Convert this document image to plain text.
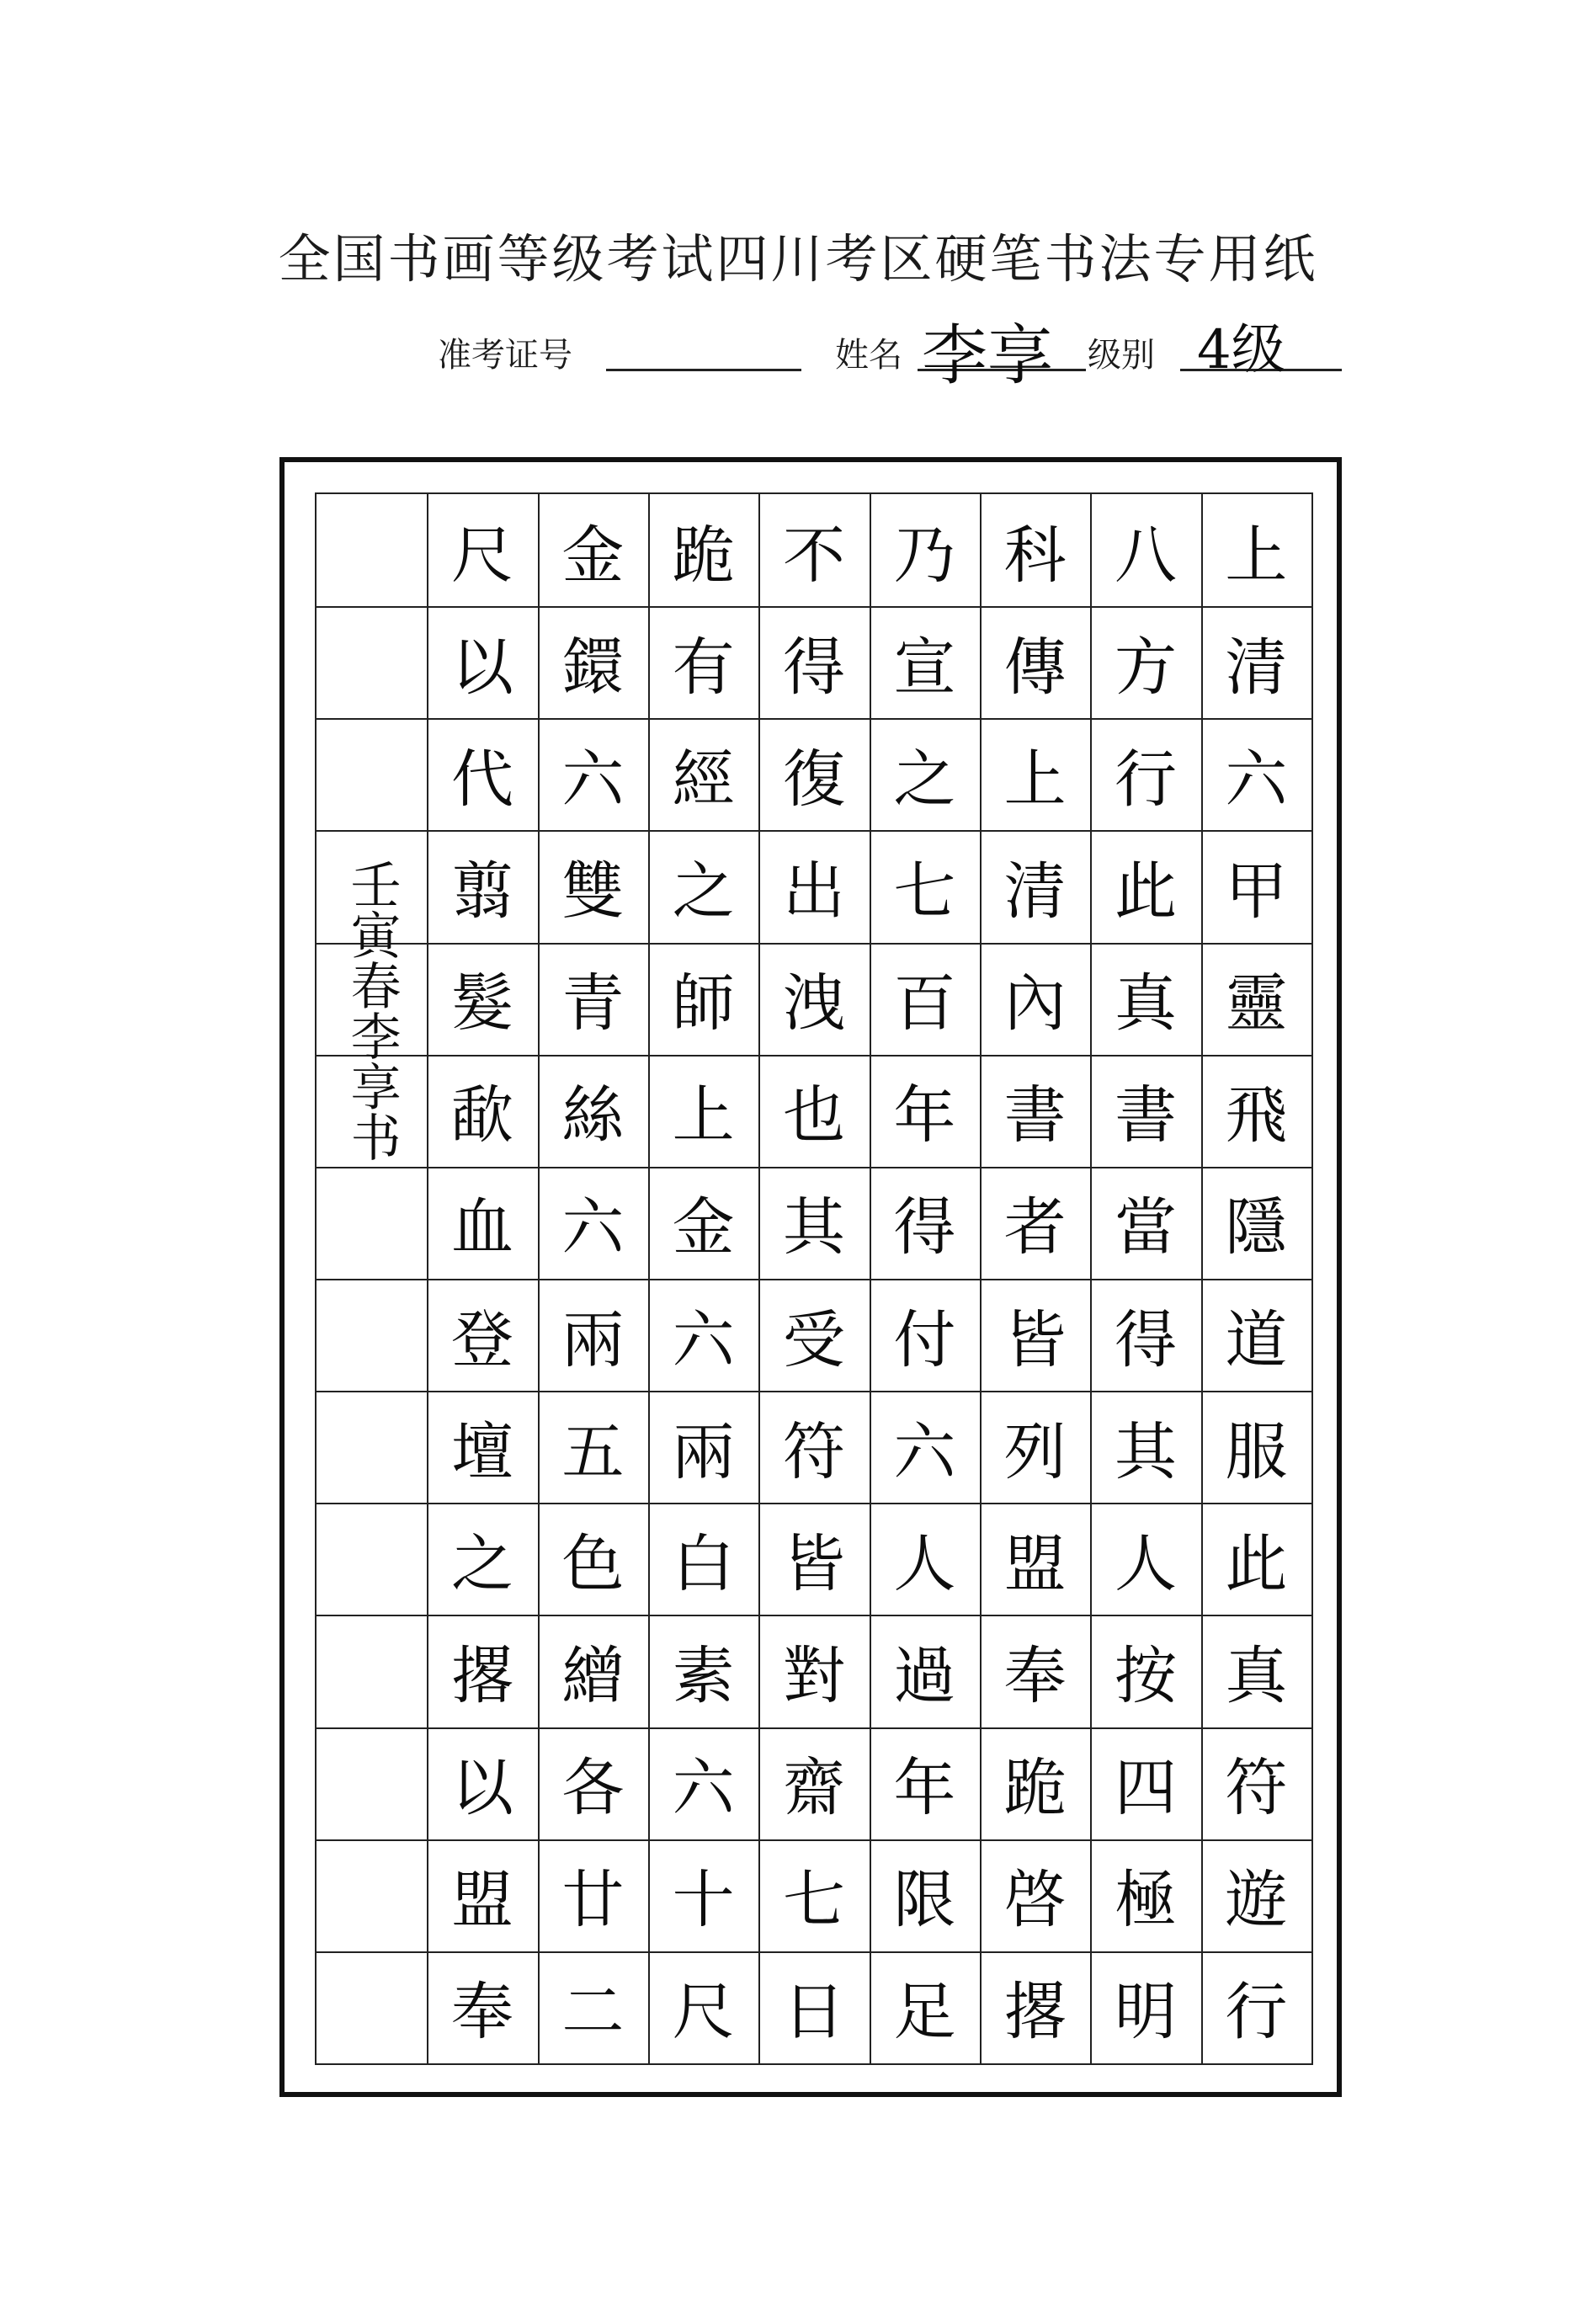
全国书画等级考试四川考区硬笔书法专用纸
准考证号	姓名 李享 级别 4级
上
清
六
甲
靈
飛
隱
道
服
此
真
符
遊
行
八
方
行
此
真
書
當
得
其
人
按
四
極
明
科
傳
上
清
內
書
者
皆
列
盟
奉
跪
啓
撂
乃
宣
之
七
百
年
得
付
六
人
過
年
限
足
不
得
復
出
洩
也
其
受
符
皆
對
齋
七
日
跪
有
經
之
師
上
金
六
兩
白
素
六
十
尺
金
鐶
六
雙
青
絲
六
兩
五
色
繒
各
廿
二
尺
以
代
翦
髮
歃
血
登
壇
之
撂
以
盟
奉
壬寅春李享书
